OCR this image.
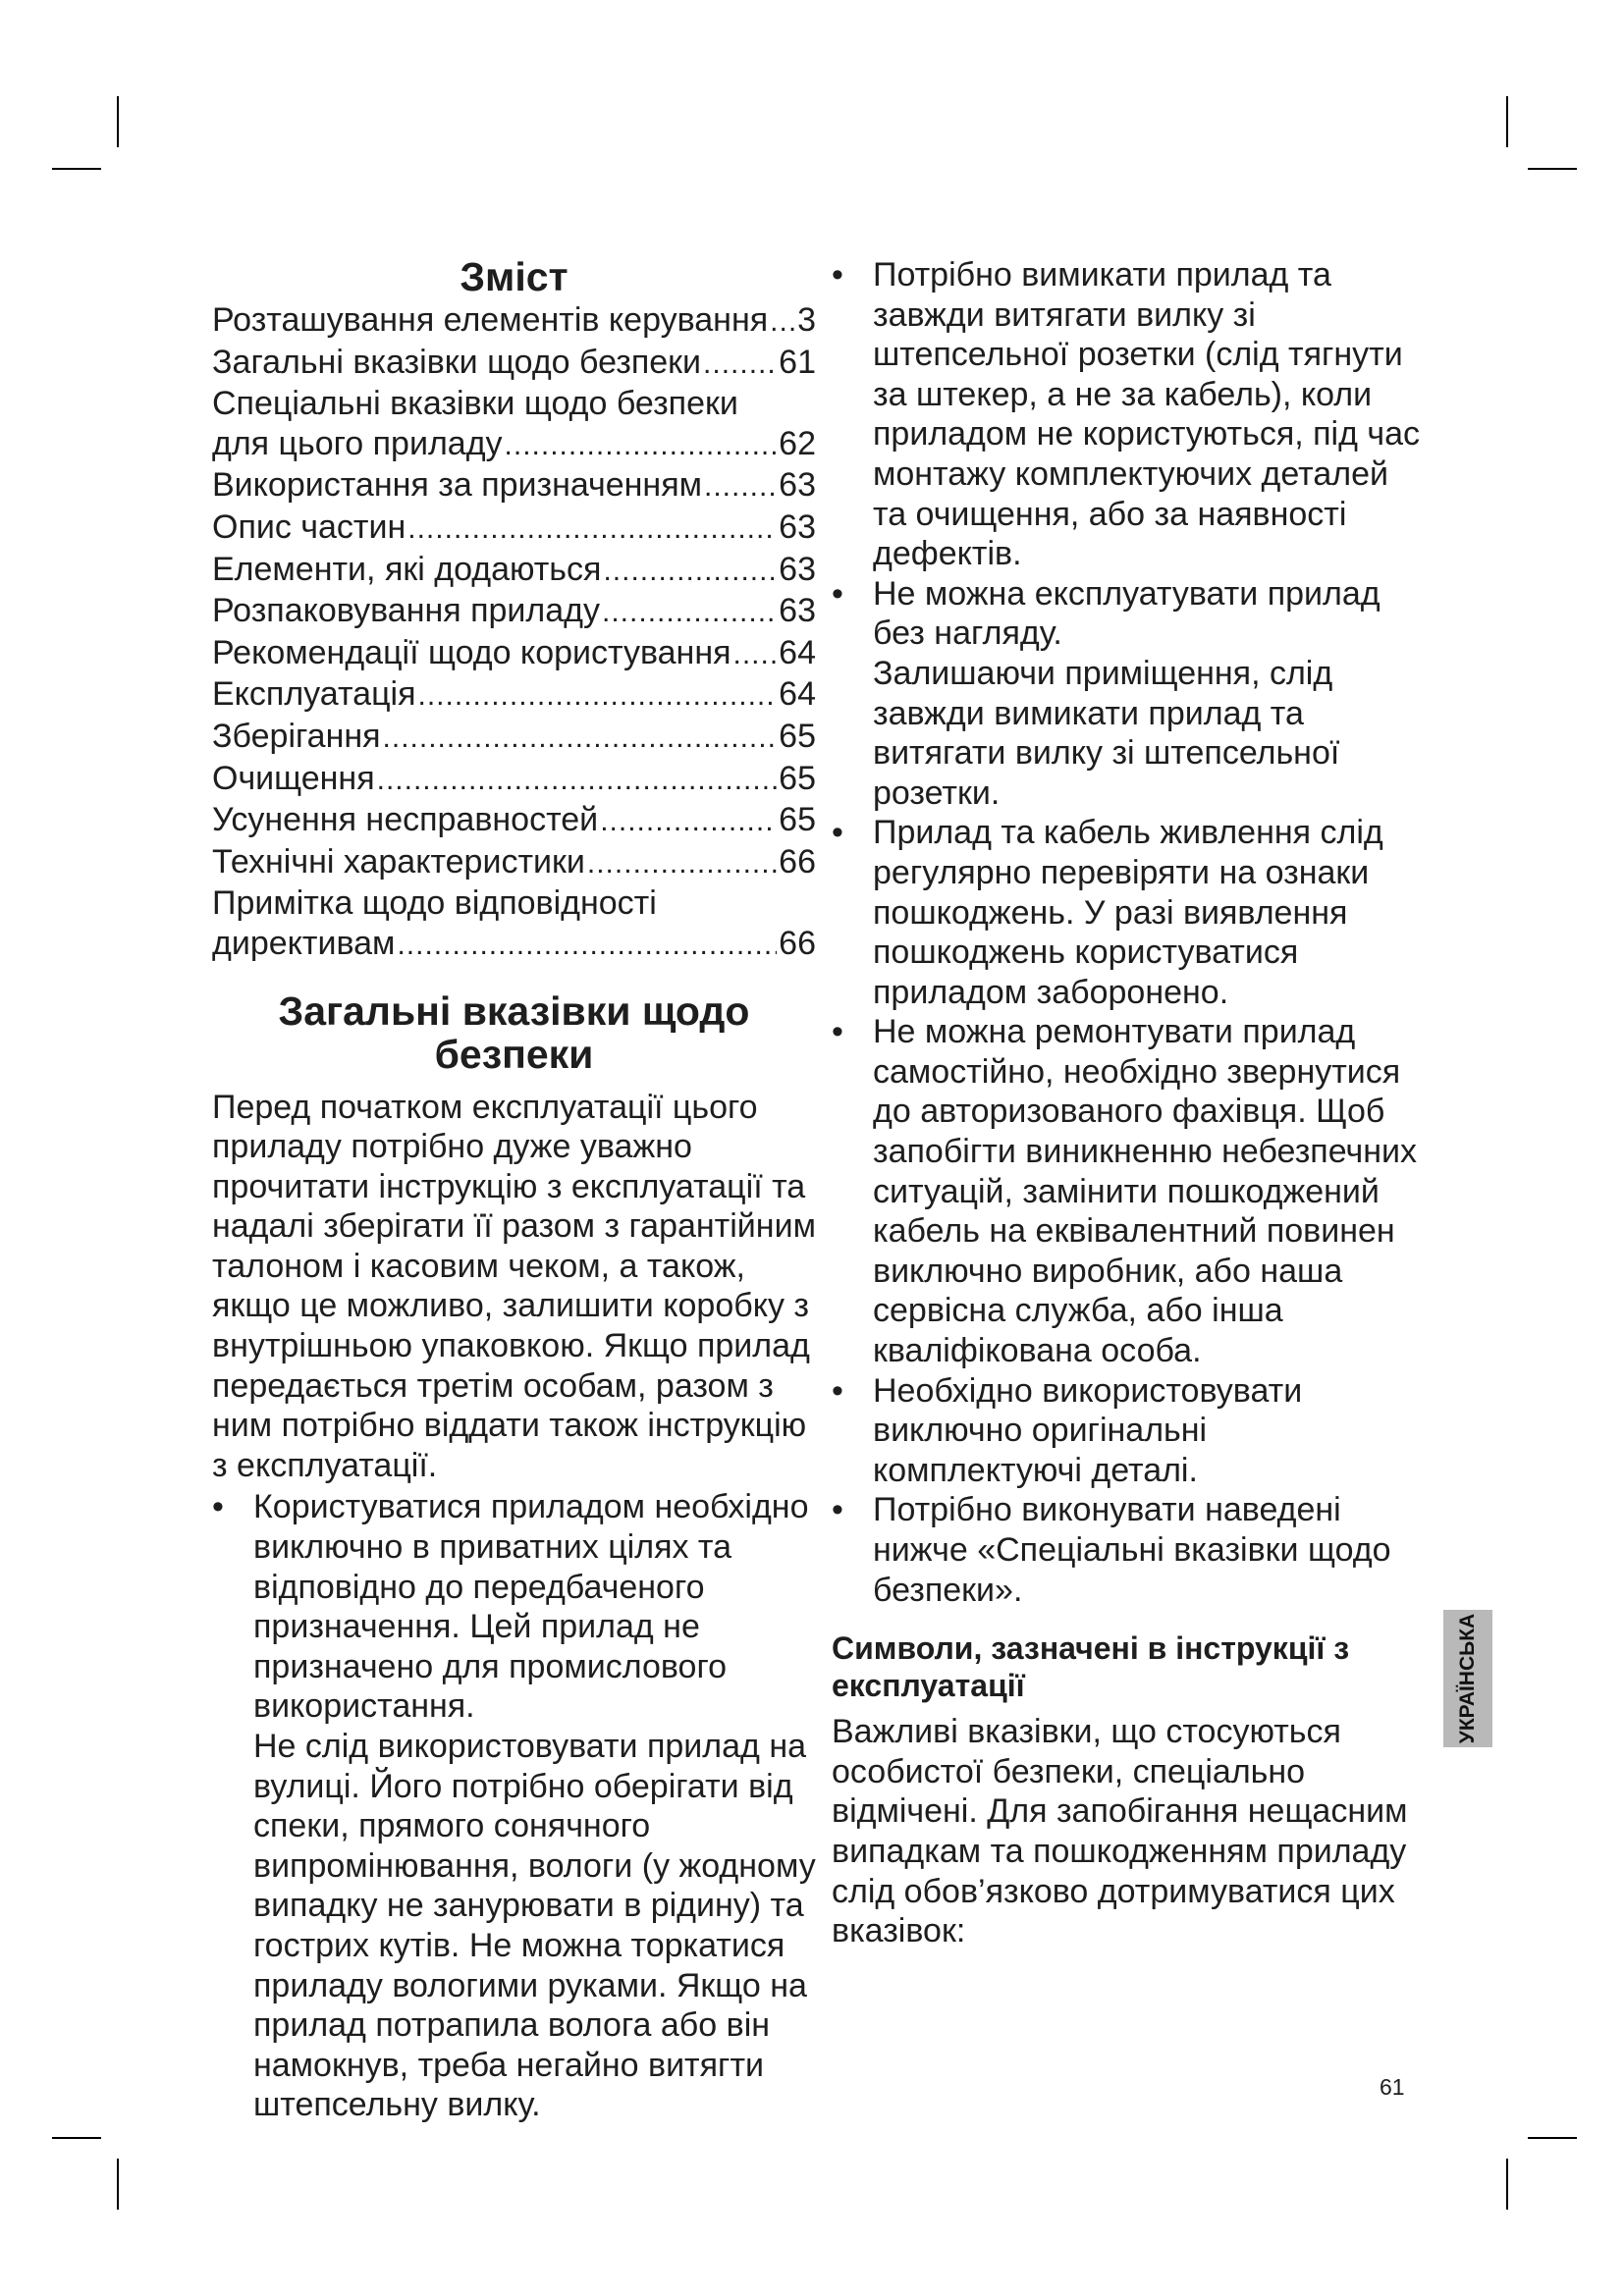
Зміст
Розташування елементів керування ..... 3
Загальні вказівки щодо безпеки ..... 61
Спеціальні вказівки щодо безпеки
для цього приладу .....	62
Використання за призначенням ..... 63
Опис частин .....	63
Елементи, які додаються .....	63
Розпаковування приладу .....	63
Рекомендації щодо користування ..... 64
Експлуатація .....	64
Зберігання .....	65
Очищення .....	65
Усунення несправностей .....	65
Технічні характеристики .....	66
Примітка щодо відповідності
директивам .....	66
Загальні вказівки щодо
безпеки

Перед початком експлуатації цього приладу потрібно дуже уважно прочитати інструкцію з експлуатації та надалі зберігати її разом з гарантійним талоном і касовим чеком, а також, якщо це можливо, залишити коробку з внутрішньою упаковкою. Якщо прилад передається третім особам, разом з ним потрібно віддати також інструкцію з експлуатації.

• Користуватися приладом необхідно виключно в приватних цілях та відповідно до передбаченого призначення. Цей прилад не призначено для промислового використання.

Не слід використовувати прилад на вулиці. Його потрібно оберігати від спеки, прямого сонячного випромінювання, вологи (у жодному випадку не занурювати в рідину) та гострих кутів. Не можна торкатися приладу вологими руками. Якщо на прилад потрапила волога або він намокнув, треба негайно витягти штепсельну вилку.

• Потрібно вимикати прилад та завжди витягати вилку зі штепсельної розетки (слід тягнути за штекер, а не за кабель), коли приладом не користуються, під час монтажу комплектуючих деталей та очищення, або за наявності дефектів.
• Не можна експлуатувати прилад без нагляду.

Залишаючи приміщення, слід завжди вимикати прилад та витягати вилку зі штепсельної розетки.

• Прилад та кабель живлення слід регулярно перевіряти на ознаки пошкоджень. У разі виявлення пошкоджень користуватися приладом заборонено.
• Не можна ремонтувати прилад самостійно, необхідно звернутися до авторизованого фахівця. Щоб запобігти виникненню небезпечних ситуацій, замінити пошкоджений кабель на еквівалентний повинен виключно виробник, або наша сервісна служба, або інша кваліфікована особа.
• Необхідно використовувати виключно оригінальні комплектуючі деталі.
• Потрібно виконувати наведені нижче «Спеціальні вказівки щодо безпеки».
Символи, зазначені в інструкції з експлуатації

Важливі вказівки, що стосуються особистої безпеки, спеціально відмічені. Для запобігання нещасним випадкам та пошкодженням приладу слід обов’язково дотримуватися цих вказівок:

УКРАЇНСЬКА
61
